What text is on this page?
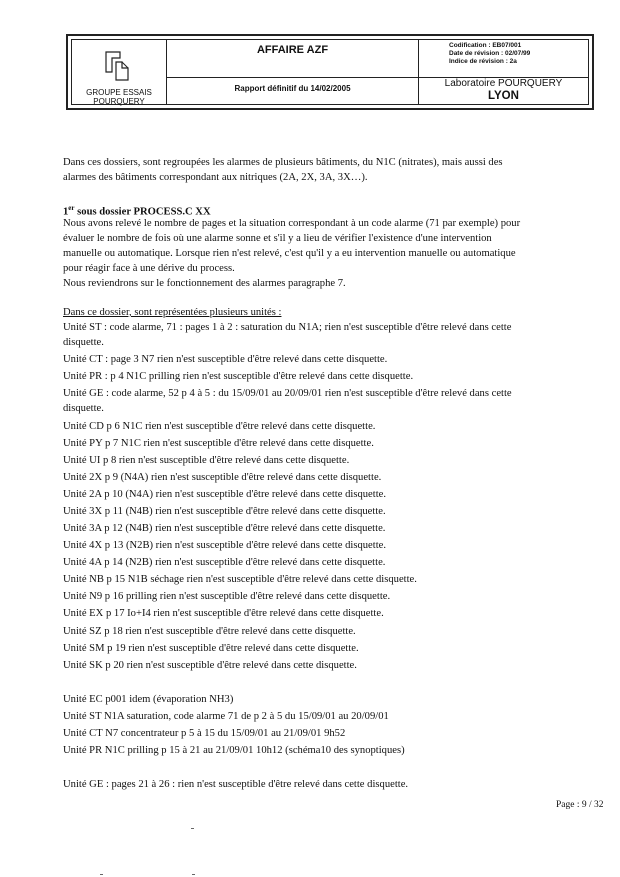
GROUPE ESSAIS
POURQUERY
AFFAIRE AZF
Rapport définitif du 14/02/2005
Codification : EB07/001
Date de révision : 02/07/99
Indice de révision : 2a
Laboratoire POURQUERY
LYON
Dans ces dossiers, sont regroupées les alarmes de plusieurs bâtiments, du N1C (nitrates), mais aussi des
alarmes des bâtiments correspondant aux nitriques (2A, 2X, 3A, 3X…).
1er sous dossier PROCESS.C XX
Nous avons relevé le nombre de pages et la situation correspondant à un code alarme (71 par exemple) pour
évaluer le nombre de fois où une alarme sonne et s'il y a lieu de vérifier l'existence d'une intervention
manuelle ou automatique. Lorsque rien n'est relevé, c'est qu'il y a eu intervention manuelle ou automatique
pour réagir face à une dérive du process.
Nous reviendrons sur le fonctionnement des alarmes paragraphe 7.
Dans ce dossier, sont représentées plusieurs unités :
Unité ST : code alarme, 71 : pages 1 à 2 : saturation du N1A; rien n'est susceptible d'être relevé dans cette
disquette.
Unité CT : page 3 N7 rien n'est susceptible d'être relevé dans cette disquette.
Unité PR : p 4 N1C prilling rien n'est susceptible d'être relevé dans cette disquette.
Unité GE : code alarme, 52 p 4 à 5 : du 15/09/01 au 20/09/01 rien n'est susceptible d'être relevé dans cette
disquette.
Unité CD p 6 N1C rien n'est susceptible d'être relevé dans cette disquette.
Unité PY p 7 N1C rien n'est susceptible d'être relevé dans cette disquette.
Unité UI p 8 rien n'est susceptible d'être relevé dans cette disquette.
Unité 2X p 9 (N4A) rien n'est susceptible d'être relevé dans cette disquette.
Unité 2A p 10 (N4A) rien n'est susceptible d'être relevé dans cette disquette.
Unité 3X p 11 (N4B) rien n'est susceptible d'être relevé dans cette disquette.
Unité 3A p 12 (N4B) rien n'est susceptible d'être relevé dans cette disquette.
Unité 4X p 13 (N2B) rien n'est susceptible d'être relevé dans cette disquette.
Unité 4A p 14 (N2B) rien n'est susceptible d'être relevé dans cette disquette.
Unité NB p 15 N1B séchage rien n'est susceptible d'être relevé dans cette disquette.
Unité N9 p 16 prilling rien n'est susceptible d'être relevé dans cette disquette.
Unité EX p 17 Io+I4 rien n'est susceptible d'être relevé dans cette disquette.
Unité SZ p 18 rien n'est susceptible d'être relevé dans cette disquette.
Unité SM p 19 rien n'est susceptible d'être relevé dans cette disquette.
Unité SK p 20 rien n'est susceptible d'être relevé dans cette disquette.
Unité EC p001 idem (évaporation NH3)
Unité ST N1A saturation, code alarme 71 de p 2 à 5 du 15/09/01 au 20/09/01
Unité CT N7 concentrateur p 5 à 15 du 15/09/01 au 21/09/01 9h52
Unité PR N1C prilling p 15 à 21 au 21/09/01 10h12 (schéma10 des synoptiques)
Unité GE : pages 21 à 26 : rien n'est susceptible d'être relevé dans cette disquette.
Page : 9 / 32
